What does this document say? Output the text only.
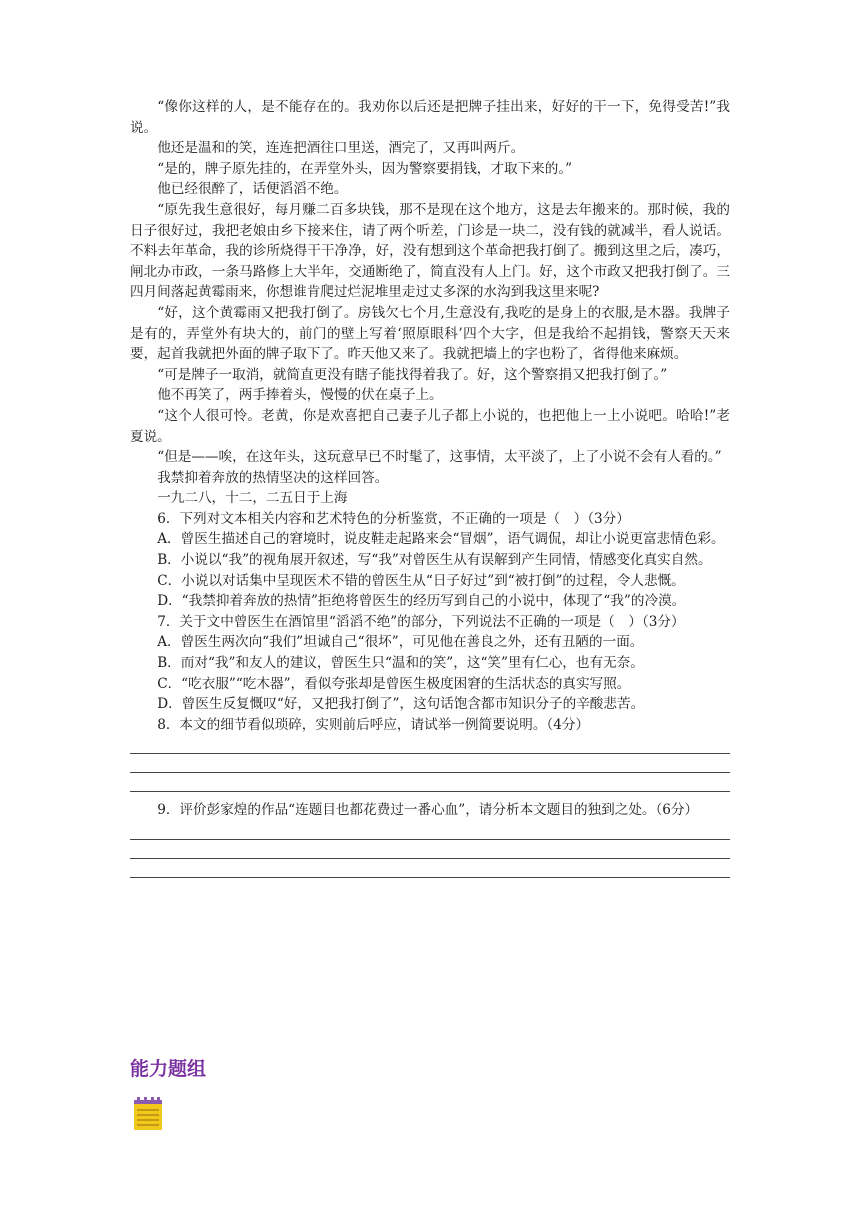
“像你这样的人，是不能存在的。我劝你以后还是把牌子挂出来，好好的干一下，免得受苦!”我说。

他还是温和的笑，连连把酒往口里送，酒完了，又再叫两斤。

“是的，牌子原先挂的，在弄堂外头，因为警察要捐钱，才取下来的。”

他已经很醉了，话便滔滔不绝。

“原先我生意很好，每月赚二百多块钱，那不是现在这个地方，这是去年搬来的。那时候，我的日子很好过，我把老娘由乡下接来住，请了两个听差，门诊是一块二，没有钱的就减半，看人说话。不料去年革命，我的诊所烧得干干净净，好，没有想到这个革命把我打倒了。搬到这里之后，凑巧，闸北办市政，一条马路修上大半年，交通断绝了，简直没有人上门。好，这个市政又把我打倒了。三四月间落起黄霉雨来，你想谁肯爬过烂泥堆里走过丈多深的水沟到我这里来呢?

“好，这个黄霉雨又把我打倒了。房钱欠七个月,生意没有,我吃的是身上的衣服,是木器。我牌子是有的，弄堂外有块大的，前门的壁上写着‘照原眼科’四个大字，但是我给不起捐钱，警察天天来要，起首我就把外面的牌子取下了。昨天他又来了。我就把墙上的字也粉了，省得他来麻烦。

“可是牌子一取消，就简直更没有瞎子能找得着我了。好，这个警察捐又把我打倒了。”

他不再笑了，两手捧着头，慢慢的伏在桌子上。

“这个人很可怜。老黄，你是欢喜把自己妻子儿子都上小说的，也把他上一上小说吧。哈哈!”老夏说。

“但是——唉，在这年头，这玩意早已不时髦了，这事情，太平淡了，上了小说不会有人看的。”

我禁抑着奔放的热情坚决的这样回答。

一九二八，十二，二五日于上海

6．下列对文本相关内容和艺术特色的分析鉴赏，不正确的一项是（　）（3分）

A．曾医生描述自己的窘境时，说皮鞋走起路来会“冒烟”，语气调侃，却让小说更富悲情色彩。

B．小说以“我”的视角展开叙述，写“我”对曾医生从有误解到产生同情，情感变化真实自然。

C．小说以对话集中呈现医术不错的曾医生从“日子好过”到“被打倒”的过程，令人悲慨。

D．“我禁抑着奔放的热情”拒绝将曾医生的经历写到自己的小说中，体现了“我”的冷漠。

7．关于文中曾医生在酒馆里“滔滔不绝”的部分，下列说法不正确的一项是（　）（3分）

A．曾医生两次向“我们”坦诚自己“很坏”，可见他在善良之外，还有丑陋的一面。

B．而对“我”和友人的建议，曾医生只“温和的笑”，这“笑”里有仁心，也有无奈。

C．“吃衣服”“吃木器”，看似夸张却是曾医生极度困窘的生活状态的真实写照。

D．曾医生反复慨叹“好，又把我打倒了”，这句话饱含都市知识分子的辛酸悲苦。

8．本文的细节看似琐碎，实则前后呼应，请试举一例简要说明。（4分）

9．评价彭家煌的作品“连题目也都花费过一番心血”，请分析本文题目的独到之处。（6分）

能力题组
